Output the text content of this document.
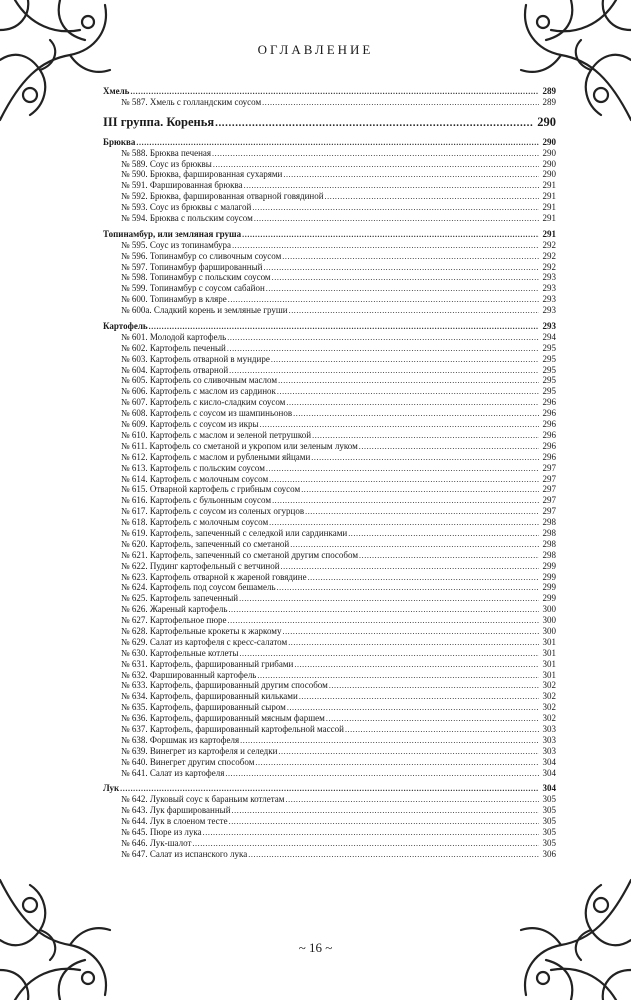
ОГЛАВЛЕНИЕ
Хмель .....	289
№ 587. Хмель с голландским соусом .....	289
III группа. Коренья .....	290
Брюква .....	290
№ 588. Брюква печеная .....	290
№ 589. Соус из брюквы .....	290
№ 590. Брюква, фаршированная сухарями .....	290
№ 591. Фаршированная брюква .....	291
№ 592. Брюква, фаршированная отварной говядиной .....	291
№ 593. Соус из брюквы с малагой .....	291
№ 594. Брюква с польским соусом .....	291
Топинамбур, или земляная груша .....	291
№ 595. Соус из топинамбура .....	292
№ 596. Топинамбур со сливочным соусом .....	292
№ 597. Топинамбур фаршированный .....	292
№ 598. Топинамбур с польским соусом .....	293
№ 599. Топинамбур с соусом сабайон .....	293
№ 600. Топинамбур в кляре .....	293
№ 600а. Сладкий корень и земляные груши .....	293
Картофель .....	293
№ 601. Молодой картофель .....	294
№ 602. Картофель печеный .....	295
№ 603. Картофель отварной в мундире .....	295
№ 604. Картофель отварной .....	295
№ 605. Картофель со сливочным маслом .....	295
№ 606. Картофель с маслом из сардинок .....	295
№ 607. Картофель с кисло-сладким соусом .....	296
№ 608. Картофель с соусом из шампиньонов .....	296
№ 609. Картофель с соусом из икры .....	296
№ 610. Картофель с маслом и зеленой петрушкой .....	296
№ 611. Картофель со сметаной и укропом или зеленым луком .....	296
№ 612. Картофель с маслом и рублеными яйцами .....	296
№ 613. Картофель с польским соусом .....	297
№ 614. Картофель с молочным соусом .....	297
№ 615. Отварной картофель с грибным соусом .....	297
№ 616. Картофель с бульонным соусом .....	297
№ 617. Картофель с соусом из соленых огурцов .....	297
№ 618. Картофель с молочным соусом .....	298
№ 619. Картофель, запеченный с селедкой или сардинками .....	298
№ 620. Картофель, запеченный со сметаной .....	298
№ 621. Картофель, запеченный со сметаной другим способом .....	298
№ 622. Пудинг картофельный с ветчиной .....	299
№ 623. Картофель отварной к жареной говядине .....	299
№ 624. Картофель под соусом бешамель .....	299
№ 625. Картофель запеченный .....	299
№ 626. Жареный картофель .....	300
№ 627. Картофельное пюре .....	300
№ 628. Картофельные крокеты к жаркому .....	300
№ 629. Салат из картофеля с кресс-салатом .....	301
№ 630. Картофельные котлеты .....	301
№ 631. Картофель, фаршированный грибами .....	301
№ 632. Фаршированный картофель .....	301
№ 633. Картофель, фаршированный другим способом .....	302
№ 634. Картофель, фаршированный кильками .....	302
№ 635. Картофель, фаршированный сыром .....	302
№ 636. Картофель, фаршированный мясным фаршем .....	302
№ 637. Картофель, фаршированный картофельной массой .....	303
№ 638. Форшмак из картофеля .....	303
№ 639. Винегрет из картофеля и селедки .....	303
№ 640. Винегрет другим способом .....	304
№ 641. Салат из картофеля .....	304
Лук .....	304
№ 642. Луковый соус к бараньим котлетам .....	305
№ 643. Лук фаршированный .....	305
№ 644. Лук в слоеном тесте .....	305
№ 645. Пюре из лука .....	305
№ 646. Лук-шалот .....	305
№ 647. Салат из испанского лука .....	306
~ 16 ~
